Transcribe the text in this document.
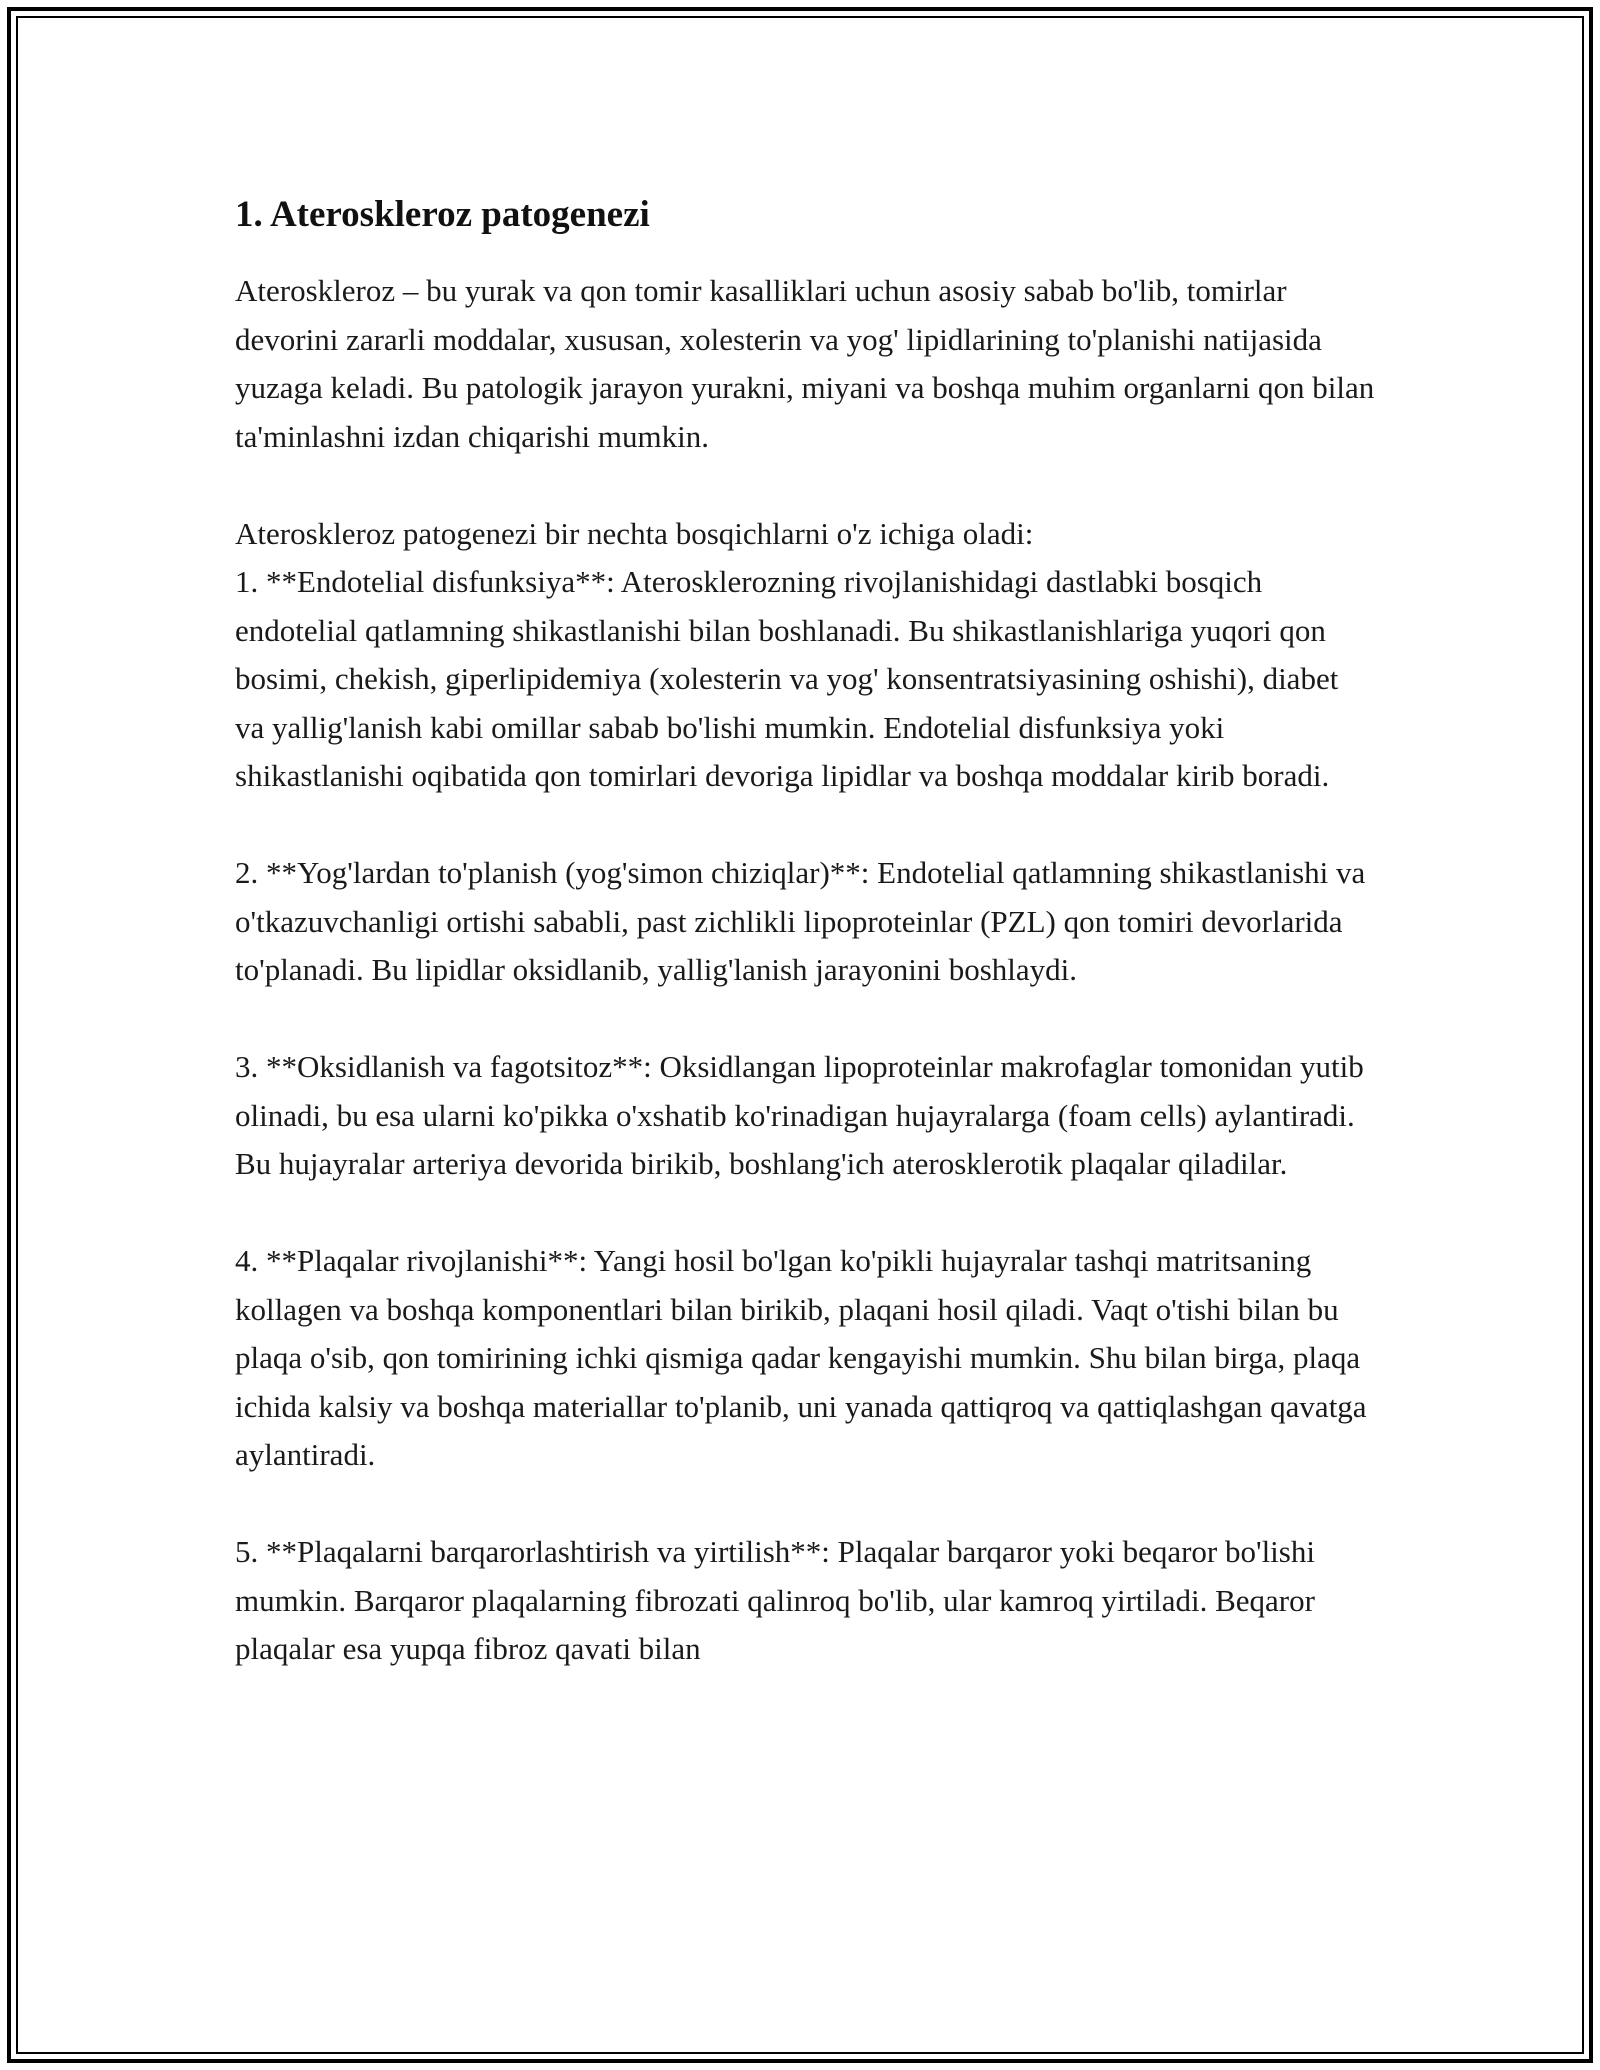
1. Ateroskleroz patogenezi

Ateroskleroz – bu yurak va qon tomir kasalliklari uchun asosiy sabab bo'lib, tomirlar devorini zararli moddalar, xususan, xolesterin va yog' lipidlarining to'planishi natijasida yuzaga keladi. Bu patologik jarayon yurakni, miyani va boshqa muhim organlarni qon bilan ta'minlashni izdan chiqarishi mumkin.

Ateroskleroz patogenezi bir nechta bosqichlarni o'z ichiga oladi:

1. **Endotelial disfunksiya**: Aterosklerozning rivojlanishidagi dastlabki bosqich endotelial qatlamning shikastlanishi bilan boshlanadi. Bu shikastlanishlariga yuqori qon bosimi, chekish, giperlipidemiya (xolesterin va yog' konsentratsiyasining oshishi), diabet va yallig'lanish kabi omillar sabab bo'lishi mumkin. Endotelial disfunksiya yoki shikastlanishi oqibatida qon tomirlari devoriga lipidlar va boshqa moddalar kirib boradi.

2. **Yog'lardan to'planish (yog'simon chiziqlar)**: Endotelial qatlamning shikastlanishi va o'tkazuvchanligi ortishi sababli, past zichlikli lipoproteinlar (PZL) qon tomiri devorlarida to'planadi. Bu lipidlar oksidlanib, yallig'lanish jarayonini boshlaydi.

3. **Oksidlanish va fagotsitoz**: Oksidlangan lipoproteinlar makrofaglar tomonidan yutib olinadi, bu esa ularni ko'pikka o'xshatib ko'rinadigan hujayralarga (foam cells) aylantiradi. Bu hujayralar arteriya devorida birikib, boshlang'ich aterosklerotik plaqalar qiladilar.

4. **Plaqalar rivojlanishi**: Yangi hosil bo'lgan ko'pikli hujayralar tashqi matritsaning kollagen va boshqa komponentlari bilan birikib, plaqani hosil qiladi. Vaqt o'tishi bilan bu plaqa o'sib, qon tomirining ichki qismiga qadar kengayishi mumkin. Shu bilan birga, plaqa ichida kalsiy va boshqa materiallar to'planib, uni yanada qattiqroq va qattiqlashgan qavatga aylantiradi.

5. **Plaqalarni barqarorlashtirish va yirtilish**: Plaqalar barqaror yoki beqaror bo'lishi mumkin. Barqaror plaqalarning fibrozati qalinroq bo'lib, ular kamroq yirtiladi. Beqaror plaqalar esa yupqa fibroz qavati bilan
